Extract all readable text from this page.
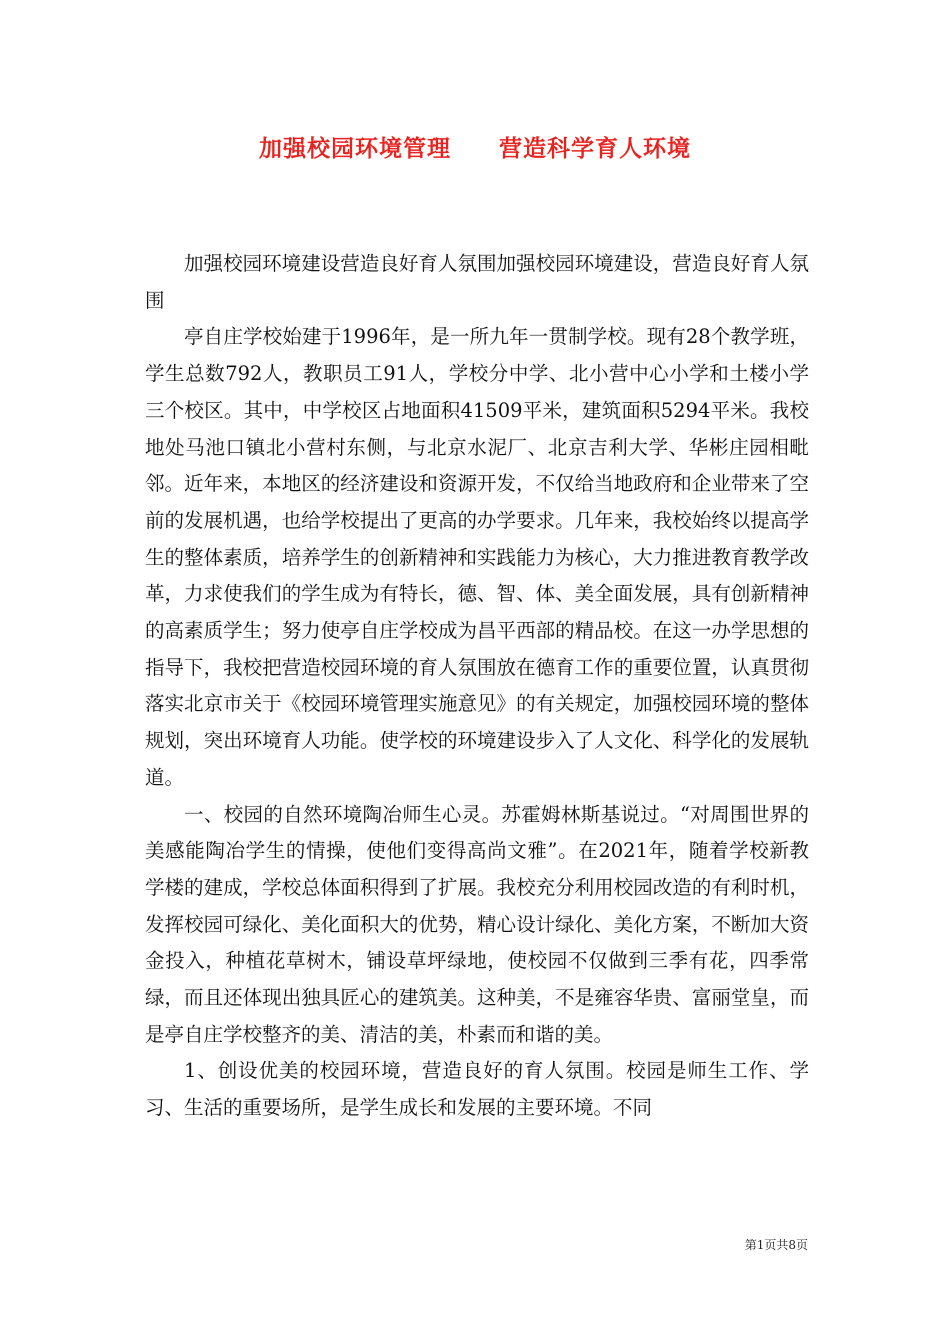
加强校园环境管理　　营造科学育人环境

加强校园环境建设营造良好育人氛围加强校园环境建设，营造良好育人氛围

亭自庄学校始建于1996年，是一所九年一贯制学校。现有28个教学班，学生总数792人，教职员工91人，学校分中学、北小营中心小学和土楼小学三个校区。其中，中学校区占地面积41509平米，建筑面积5294平米。我校地处马池口镇北小营村东侧，与北京水泥厂、北京吉利大学、华彬庄园相毗邻。近年来，本地区的经济建设和资源开发，不仅给当地政府和企业带来了空前的发展机遇，也给学校提出了更高的办学要求。几年来，我校始终以提高学生的整体素质，培养学生的创新精神和实践能力为核心，大力推进教育教学改革，力求使我们的学生成为有特长，德、智、体、美全面发展，具有创新精神的高素质学生；努力使亭自庄学校成为昌平西部的精品校。在这一办学思想的指导下，我校把营造校园环境的育人氛围放在德育工作的重要位置，认真贯彻落实北京市关于《校园环境管理实施意见》的有关规定，加强校园环境的整体规划，突出环境育人功能。使学校的环境建设步入了人文化、科学化的发展轨道。

一、校园的自然环境陶冶师生心灵。苏霍姆林斯基说过。“对周围世界的美感能陶冶学生的情操，使他们变得高尚文雅”。在2021年，随着学校新教学楼的建成，学校总体面积得到了扩展。我校充分利用校园改造的有利时机，发挥校园可绿化、美化面积大的优势，精心设计绿化、美化方案，不断加大资金投入，种植花草树木，铺设草坪绿地，使校园不仅做到三季有花，四季常绿，而且还体现出独具匠心的建筑美。这种美，不是雍容华贵、富丽堂皇，而是亭自庄学校整齐的美、清洁的美，朴素而和谐的美。

1、创设优美的校园环境，营造良好的育人氛围。校园是师生工作、学习、生活的重要场所，是学生成长和发展的主要环境。不同

第1页共8页
